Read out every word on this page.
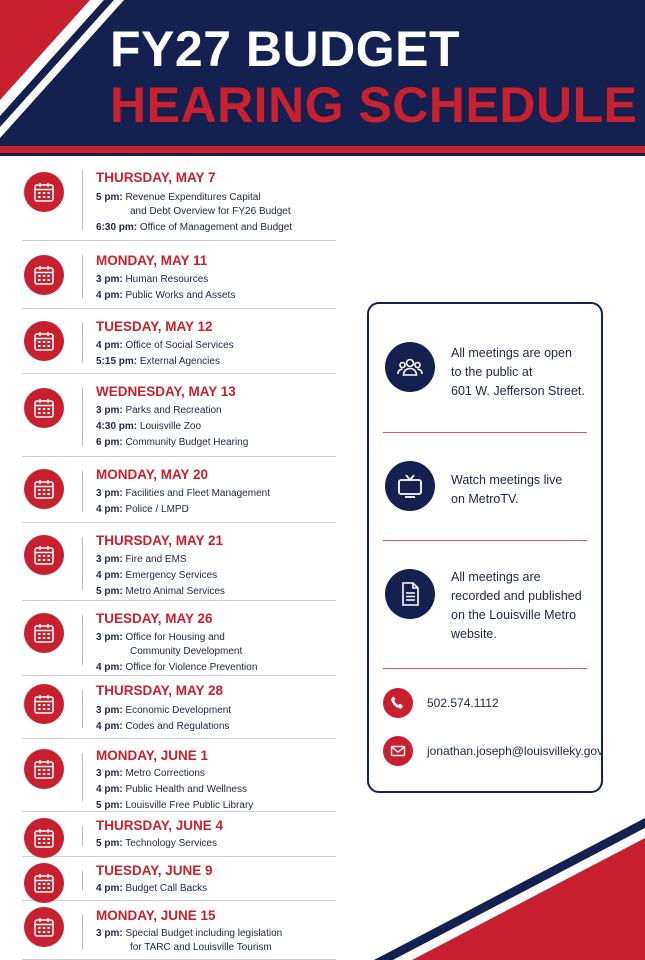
FY27 BUDGET
HEARING SCHEDULE
THURSDAY, MAY 7
5 pm: Revenue Expenditures Capital
and Debt Overview for FY26 Budget
6:30 pm: Office of Management and Budget
MONDAY, MAY 11
3 pm: Human Resources
4 pm: Public Works and Assets
TUESDAY, MAY 12
4 pm: Office of Social Services
5:15 pm: External Agencies
WEDNESDAY, MAY 13
3 pm: Parks and Recreation
4:30 pm: Louisville Zoo
6 pm: Community Budget Hearing
MONDAY, MAY 20
3 pm: Facilities and Fleet Management
4 pm: Police / LMPD
THURSDAY, MAY 21
3 pm: Fire and EMS
4 pm: Emergency Services
5 pm: Metro Animal Services
TUESDAY, MAY 26
3 pm: Office for Housing and
Community Development
4 pm: Office for Violence Prevention
THURSDAY, MAY 28
3 pm: Economic Development
4 pm: Codes and Regulations
MONDAY, JUNE 1
3 pm: Metro Corrections
4 pm: Public Health and Wellness
5 pm: Louisville Free Public Library
THURSDAY, JUNE 4
5 pm: Technology Services
TUESDAY, JUNE 9
4 pm: Budget Call Backs
MONDAY, JUNE 15
3 pm: Special Budget including legislation
for TARC and Louisville Tourism
All meetings are open
to the public at
601 W. Jefferson Street.
Watch meetings live
on MetroTV.
All meetings are
recorded and published
on the Louisville Metro
website.
502.574.1112
jonathan.joseph@louisvilleky.gov
